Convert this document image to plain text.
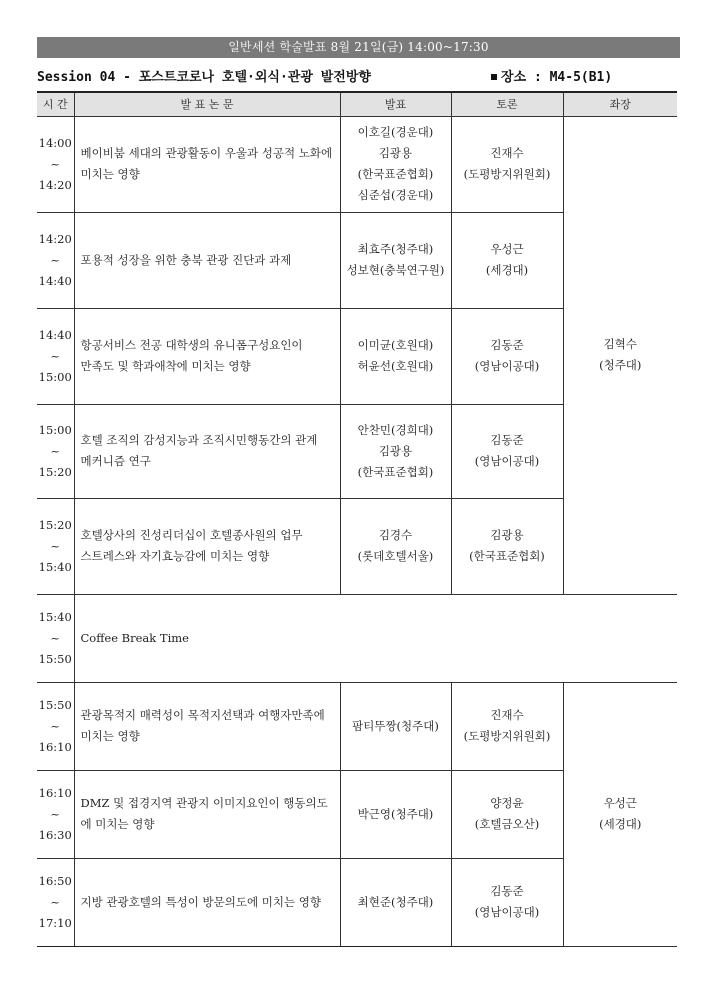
일반세션 학술발표 8월 21일(금) 14:00~17:30
Session 04 - 포스트코로나 호텔·외식·관광 발전방향	장소 : M4-5(B1)
시 간	발 표 논 문	발표	토론	좌장

14:00
~
14:20	베이비붐 세대의 관광활동이 우울과 성공적 노화에
미치는 영향	이호길(경운대)
김광용
(한국표준협회)
심준섭(경운대)	진재수
(도평방지위원회)	김혁수
(청주대)

14:20
~
14:40	포용적 성장을 위한 충북 관광 진단과 과제	최효주(청주대)
성보현(충북연구원)	우성근
(세경대)	

14:40
~
15:00	항공서비스 전공 대학생의 유니폼구성요인이
만족도 및 학과애착에 미치는 영향	이미균(호원대)
허윤선(호원대)	김동준
(영남이공대)	

15:00
~
15:20	호텔 조직의 감성지능과 조직시민행동간의 관계
메커니즘 연구	안찬민(경희대)
김광용
(한국표준협회)	김동준
(영남이공대)	

15:20
~
15:40	호텔상사의 진성리더십이 호텔종사원의 업무
스트레스와 자기효능감에 미치는 영향	김경수
(롯데호텔서울)	김광용
(한국표준협회)	

15:40
~
15:50	Coffee Break Time			

15:50
~
16:10	관광목적지 매력성이 목적지선택과 여행자만족에
미치는 영향	팜티뚜짱(청주대)	진재수
(도평방지위원회)	우성근
(세경대)

16:10
~
16:30	DMZ 및 접경지역 관광지 이미지요인이 행동의도
에 미치는 영향	박근영(청주대)	양정윤
(호텔금오산)	

16:50
~
17:10	지방 관광호텔의 특성이 방문의도에 미치는 영향	최현준(청주대)	김동준
(영남이공대)	
